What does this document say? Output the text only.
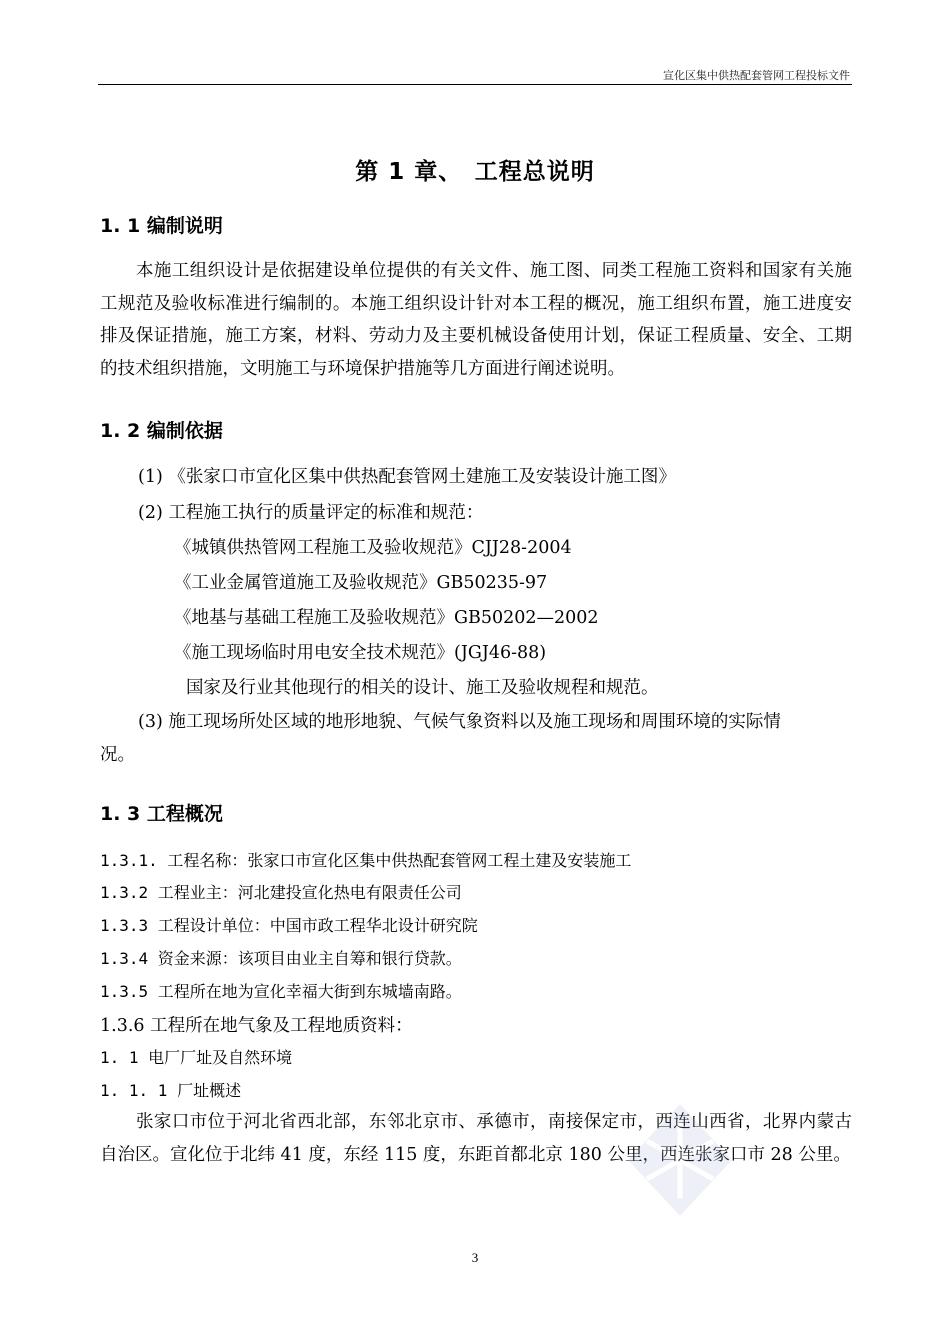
宣化区集中供热配套管网工程投标文件
第 1 章、　工程总说明
1. 1 编制说明
本施工组织设计是依据建设单位提供的有关文件、施工图、同类工程施工资料和国家有关施工规范及验收标准进行编制的。本施工组织设计针对本工程的概况，施工组织布置，施工进度安排及保证措施，施工方案，材料、劳动力及主要机械设备使用计划，保证工程质量、安全、工期的技术组织措施，文明施工与环境保护措施等几方面进行阐述说明。
1. 2 编制依据
(1) 《张家口市宣化区集中供热配套管网土建施工及安装设计施工图》
(2) 工程施工执行的质量评定的标准和规范：
《城镇供热管网工程施工及验收规范》CJJ28-2004
《工业金属管道施工及验收规范》GB50235-97
《地基与基础工程施工及验收规范》GB50202—2002
《施工现场临时用电安全技术规范》(JGJ46-88)
国家及行业其他现行的相关的设计、施工及验收规程和规范。
(3) 施工现场所处区域的地形地貌、气候气象资料以及施工现场和周围环境的实际情
况。
1. 3 工程概况
1.3.1. 工程名称：张家口市宣化区集中供热配套管网工程土建及安装施工
1.3.2 工程业主：河北建投宣化热电有限责任公司
1.3.3 工程设计单位：中国市政工程华北设计研究院
1.3.4 资金来源：该项目由业主自筹和银行贷款。
1.3.5 工程所在地为宣化幸福大街到东城墙南路。
1.3.6 工程所在地气象及工程地质资料：
1. 1 电厂厂址及自然环境
1. 1. 1 厂址概述
张家口市位于河北省西北部，东邻北京市、承德市，南接保定市，西连山西省，北界内蒙古自治区。宣化位于北纬 41 度，东经 115 度，东距首都北京 180 公里，西连张家口市 28 公里。
3
